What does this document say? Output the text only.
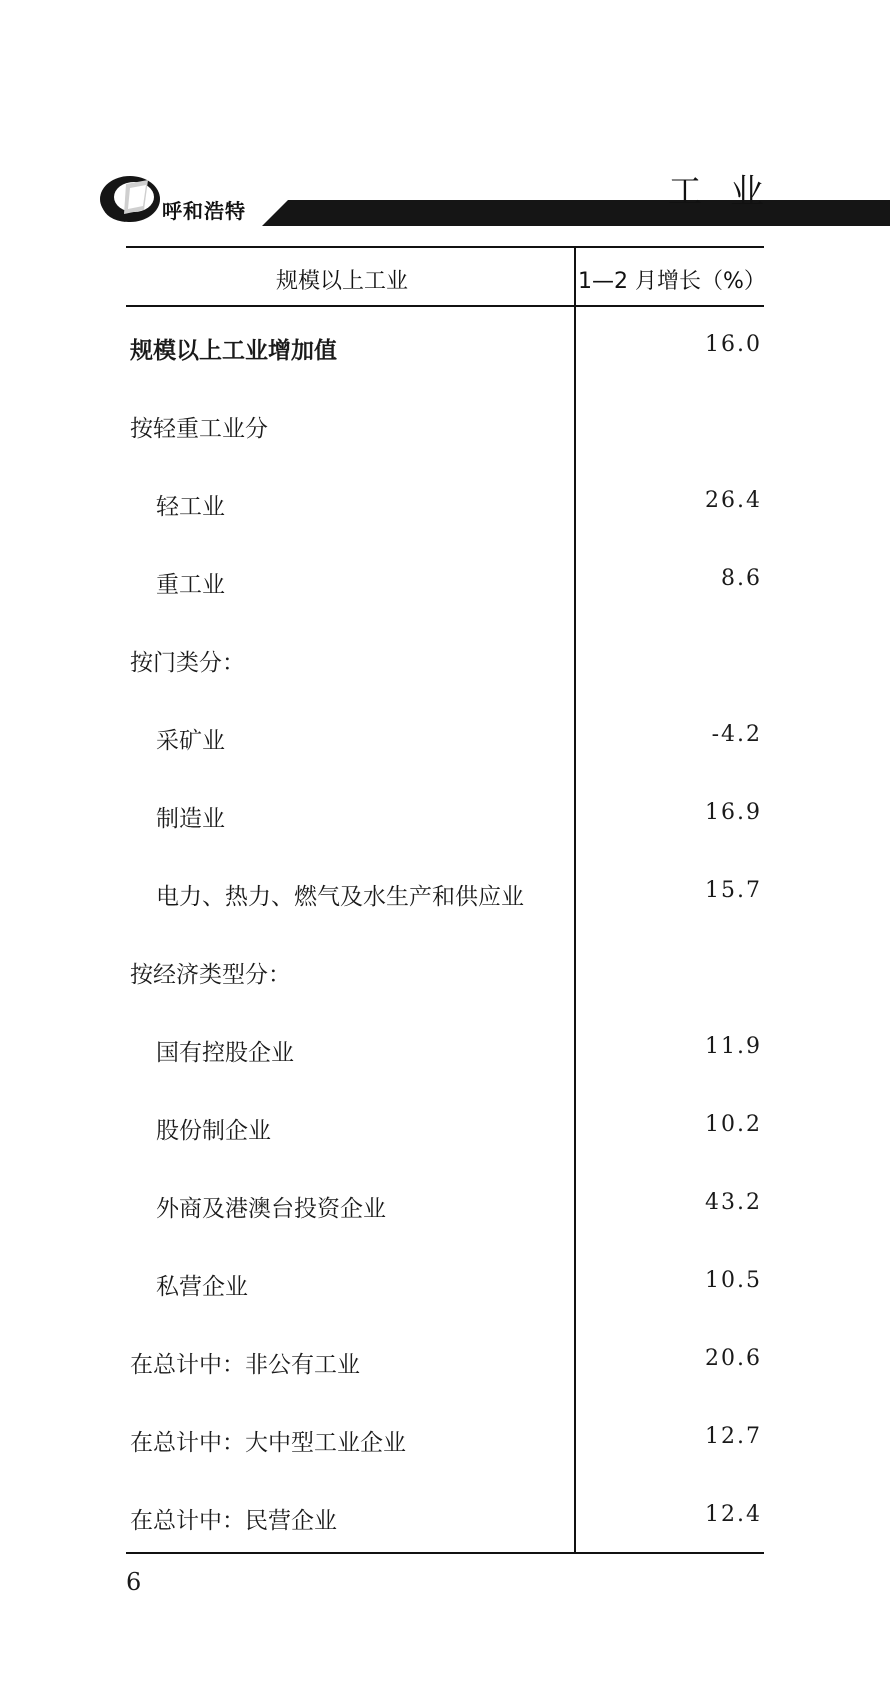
呼和浩特	工业
规模以上工业	1—2 月增长（%）
规模以上工业增加值	16.0
按轻重工业分
轻工业	26.4
重工业	8.6
按门类分：
采矿业	-4.2
制造业	16.9
电力、热力、燃气及水生产和供应业	15.7
按经济类型分：
国有控股企业	11.9
股份制企业	10.2
外商及港澳台投资企业	43.2
私营企业	10.5
在总计中：非公有工业	20.6
在总计中：大中型工业企业	12.7
在总计中：民营企业	12.4
6
